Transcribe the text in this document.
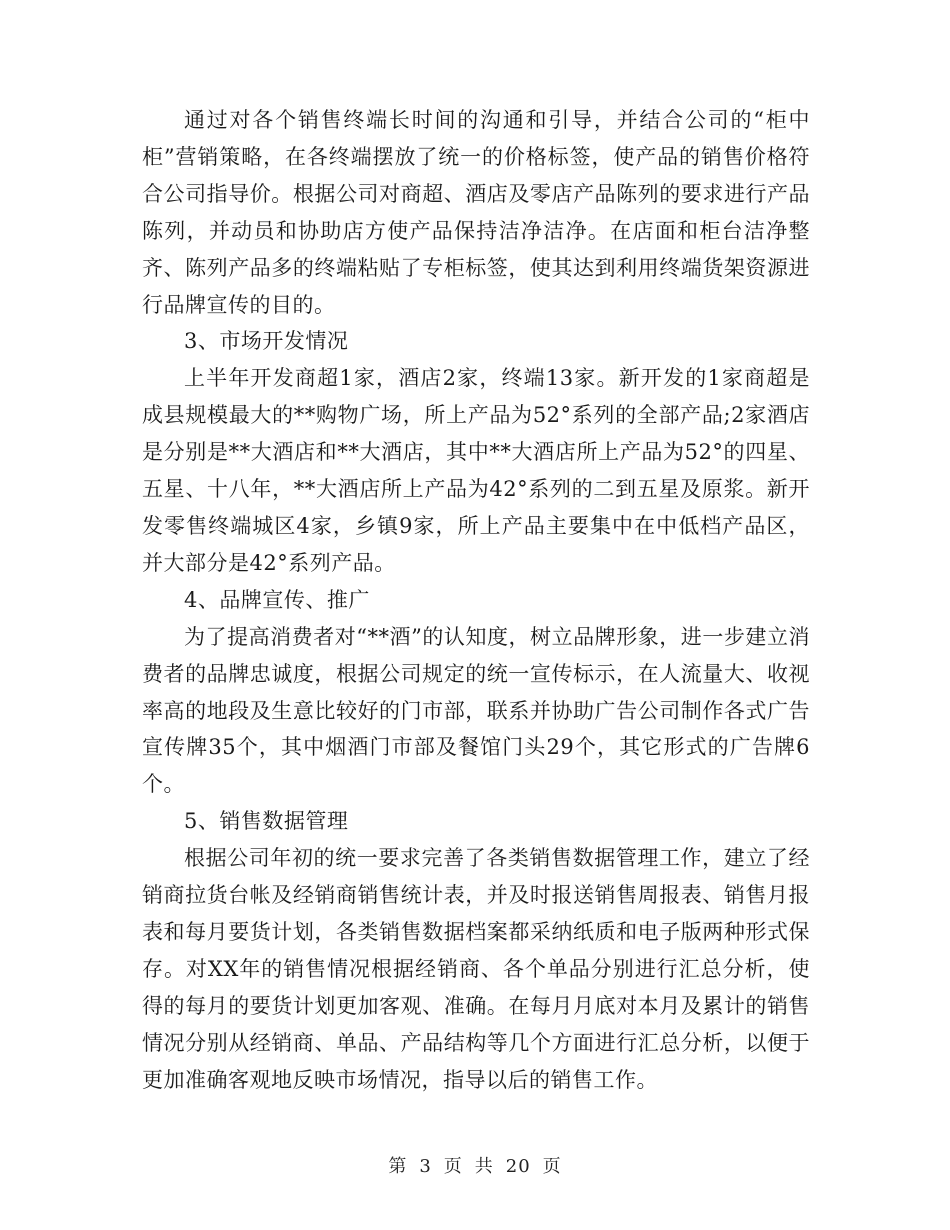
通过对各个销售终端长时间的沟通和引导，并结合公司的“柜中柜”营销策略，在各终端摆放了统一的价格标签，使产品的销售价格符合公司指导价。根据公司对商超、酒店及零店产品陈列的要求进行产品陈列，并动员和协助店方使产品保持洁净洁净。在店面和柜台洁净整齐、陈列产品多的终端粘贴了专柜标签，使其达到利用终端货架资源进行品牌宣传的目的。

3、市场开发情况

上半年开发商超1家，酒店2家，终端13家。新开发的1家商超是成县规模最大的**购物广场，所上产品为52°系列的全部产品;2家酒店是分别是**大酒店和**大酒店，其中**大酒店所上产品为52°的四星、五星、十八年，**大酒店所上产品为42°系列的二到五星及原浆。新开发零售终端城区4家，乡镇9家，所上产品主要集中在中低档产品区，并大部分是42°系列产品。

4、品牌宣传、推广

为了提高消费者对“**酒”的认知度，树立品牌形象，进一步建立消费者的品牌忠诚度，根据公司规定的统一宣传标示，在人流量大、收视率高的地段及生意比较好的门市部，联系并协助广告公司制作各式广告宣传牌35个，其中烟酒门市部及餐馆门头29个，其它形式的广告牌6个。

5、销售数据管理

根据公司年初的统一要求完善了各类销售数据管理工作，建立了经销商拉货台帐及经销商销售统计表，并及时报送销售周报表、销售月报表和每月要货计划，各类销售数据档案都采纳纸质和电子版两种形式保存。对XX年的销售情况根据经销商、各个单品分别进行汇总分析，使得的每月的要货计划更加客观、准确。在每月月底对本月及累计的销售情况分别从经销商、单品、产品结构等几个方面进行汇总分析，以便于更加准确客观地反映市场情况，指导以后的销售工作。

第 3 页 共 20 页
